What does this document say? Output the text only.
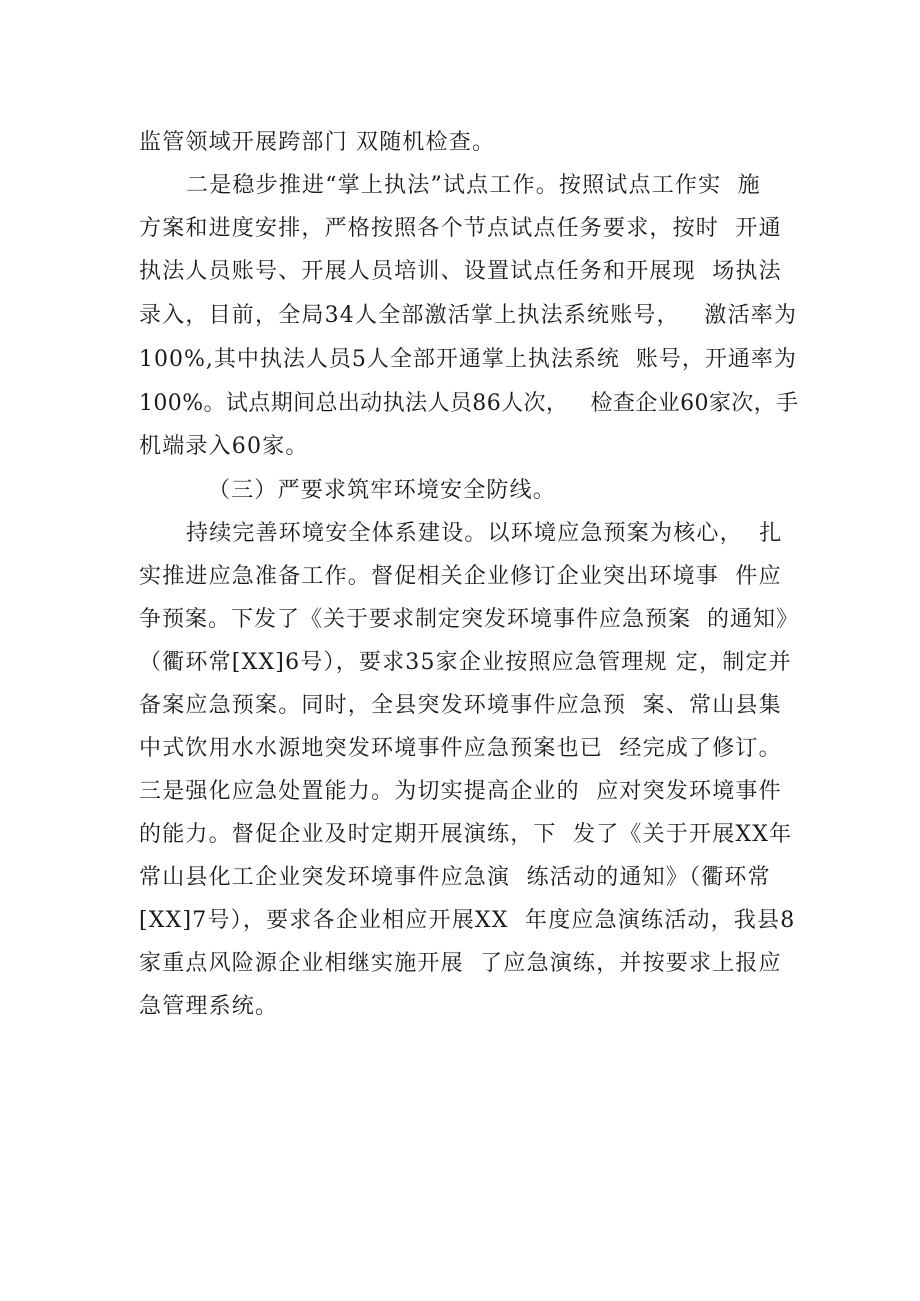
监管领域开展跨部门 双随机检查。
二是稳步推进“掌上执法”试点工作。按照试点工作实  施
方案和进度安排，严格按照各个节点试点任务要求，按时  开通
执法人员账号、开展人员培训、设置试点任务和开展现  场执法
录入，目前，全局34人全部激活掌上执法系统账号，   激活率为
100%,其中执法人员5人全部开通掌上执法系统  账号，开通率为
100%。试点期间总出动执法人员86人次，   检查企业60家次，手
机端录入60家。
（三）严要求筑牢环境安全防线。
持续完善环境安全体系建设。以环境应急预案为核心，  扎
实推进应急准备工作。督促相关企业修订企业突出环境事  件应
争预案。下发了《关于要求制定突发环境事件应急预案  的通知》
（衢环常[XX]6号），要求35家企业按照应急管理规 定，制定并
备案应急预案。同时，全县突发环境事件应急预  案、常山县集
中式饮用水水源地突发环境事件应急预案也已  经完成了修订。
三是强化应急处置能力。为切实提高企业的  应对突发环境事件
的能力。督促企业及时定期开展演练，下  发了《关于开展XX年
常山县化工企业突发环境事件应急演  练活动的通知》（衢环常
[XX]7号），要求各企业相应开展XX  年度应急演练活动，我县8
家重点风险源企业相继实施开展  了应急演练，并按要求上报应
急管理系统。
